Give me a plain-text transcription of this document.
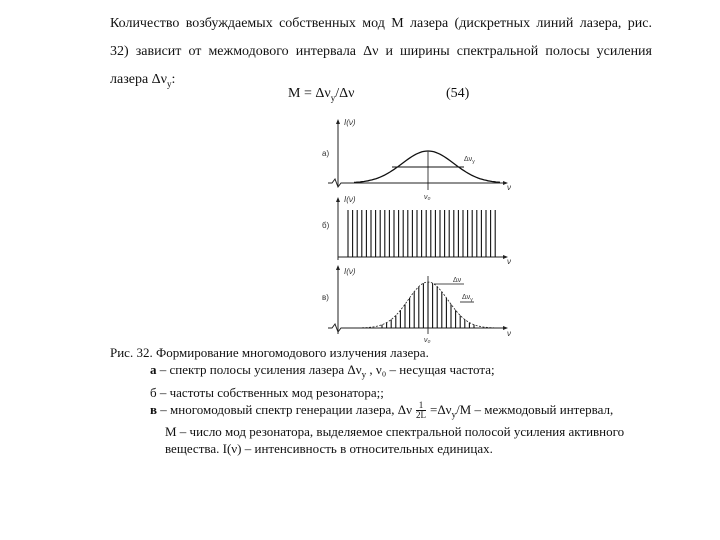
Количество возбуждаемых собственных мод М лазера (дискретных линий лазера, рис.
32) зависит от межмодового интервала Δν и ширины спектральной полосы усиления
лазера $\Delta\nu_y$:
$M = \Delta\nu_y/\Delta\nu$	(54)
I(ν)
а)
ν
ν₀
$\Delta\nu_y$
I(ν)
б)
ν
I(ν)
в)
ν
Δν
$\Delta\nu_y$
ν₀
Рис. 32. Формирование многомодового излучения лазера.
а – спектр полосы усиления лазера $\Delta\nu_y$ , ν₀ – несущая частота;
б – частоты собственных мод резонатора;;
в – многомодовый спектр генерации лазера, Δν $\frac{1}{2L} =\Delta\nu_y/M$ – межмодовый интервал,
M – число мод резонатора, выделяемое спектральной полосой усиления активного
вещества. I(ν) – интенсивность в относительных единицах.
